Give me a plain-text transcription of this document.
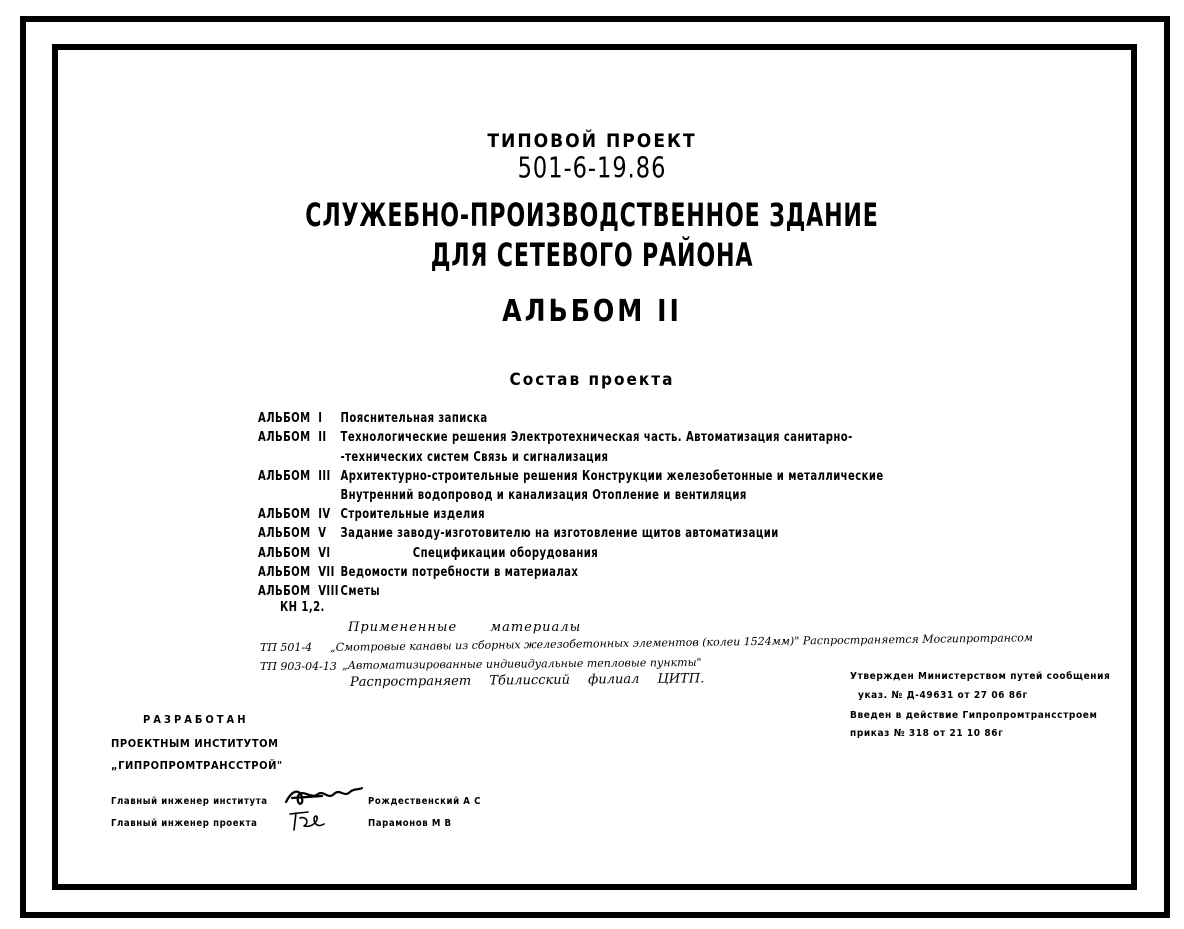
ТИПОВОЙ ПРОЕКТ
501-6-19.86
СЛУЖЕБНО-ПРОИЗВОДСТВЕННОЕ ЗДАНИЕ
ДЛЯ СЕТЕВОГО РАЙОНА
АЛЬБОМ II
Состав проекта
АЛЬБОМ I Пояснительная записка
АЛЬБОМ II Технологические решения Электротехническая часть. Автоматизация санитарно-
-технических систем Связь и сигнализация
АЛЬБОМ III Архитектурно-строительные решения Конструкции железобетонные и металлические
Внутренний водопровод и канализация Отопление и вентиляция
АЛЬБОМ IV Строительные изделия
АЛЬБОМ V Задание заводу-изготовителю на изготовление щитов автоматизации
АЛЬБОМ VI	Спецификации оборудования
АЛЬБОМ VII Ведомости потребности в материалах
АЛЬБОМ VIII Сметы
КН 1,2.
Примененные материалы
ТП 501-4 „Смотровые канавы из сборных железобетонных элементов (колеи 1524мм)" Распространяется Мосгипротрансом
ТП 903-04-13 „Автоматизированные индивидуальные тепловые пункты"
Распространяет Тбилисский филиал ЦИТП.	Утвержден Министерством путей сообщения
указ. № Д-49631 от 27 06 86г
Введен в действие Гипропромтрансстроем
приказ № 318 от 21 10 86г
РАЗРАБОТАН
ПРОЕКТНЫМ ИНСТИТУТОМ
„ГИПРОПРОМТРАНССТРОЙ"
Главный инженер института	Рождественский А С
Главный инженер проекта	Парамонов М В
